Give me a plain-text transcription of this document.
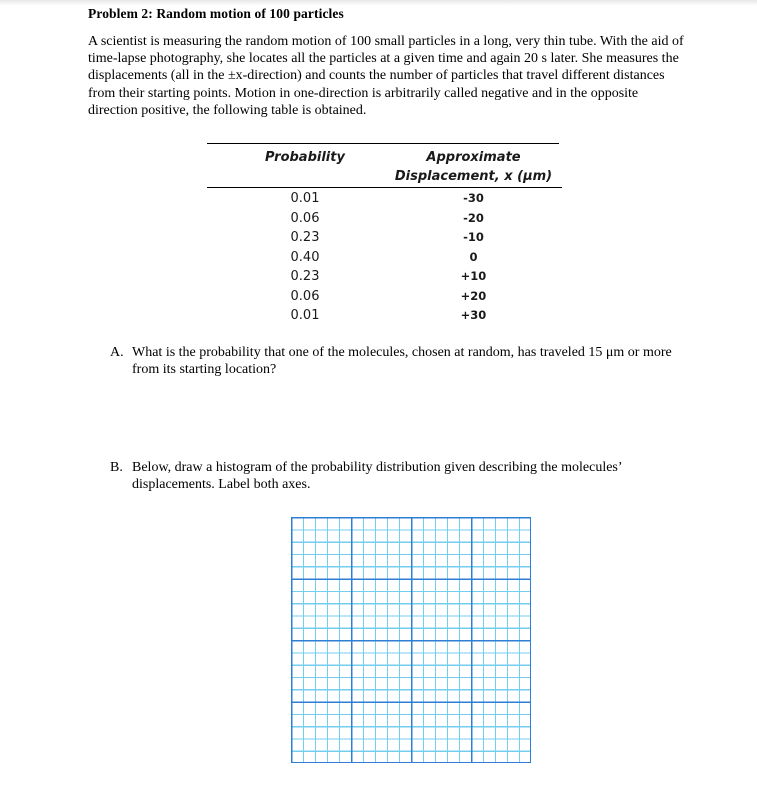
Problem 2: Random motion of 100 particles
A scientist is measuring the random motion of 100 small particles in a long, very thin tube. With the aid of time-lapse photography, she locates all the particles at a given time and again 20 s later. She measures the displacements (all in the ±x-direction) and counts the number of particles that travel different distances from their starting points. Motion in one-direction is arbitrarily called negative and in the opposite direction positive, the following table is obtained.
Probability	Approximate
Displacement, x (μm)
0.01	-30
0.06	-20
0.23	-10
0.40	0
0.23	+10
0.06	+20
0.01	+30
A. What is the probability that one of the molecules, chosen at random, has traveled 15 μm or more from its starting location?
B. Below, draw a histogram of the probability distribution given describing the molecules’ displacements. Label both axes.
